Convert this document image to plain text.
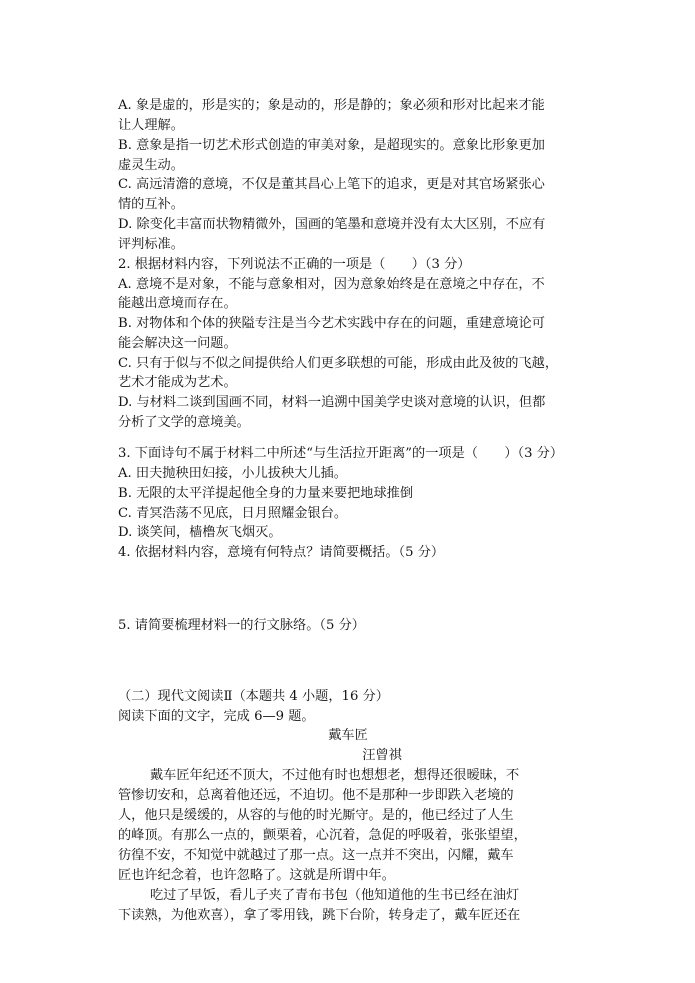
A. 象是虚的，形是实的；象是动的，形是静的；象必须和形对比起来才能
让人理解。
B. 意象是指一切艺术形式创造的审美对象，是超现实的。意象比形象更加
虚灵生动。
C. 高远清澹的意境，不仅是董其昌心上笔下的追求，更是对其官场紧张心
情的互补。
D. 除变化丰富而状物精微外，国画的笔墨和意境并没有太大区别，不应有
评判标准。
2. 根据材料内容，下列说法不正确的一项是（　　）（3 分）
A. 意境不是对象，不能与意象相对，因为意象始终是在意境之中存在，不
能越出意境而存在。
B. 对物体和个体的狭隘专注是当今艺术实践中存在的问题，重建意境论可
能会解决这一问题。
C. 只有于似与不似之间提供给人们更多联想的可能，形成由此及彼的飞越，
艺术才能成为艺术。
D. 与材料二谈到国画不同，材料一追溯中国美学史谈对意境的认识，但都
分析了文学的意境美。
3. 下面诗句不属于材料二中所述“与生活拉开距离”的一项是（　　）（3 分）
A. 田夫抛秧田妇接，小儿拔秧大儿插。
B. 无限的太平洋提起他全身的力量来要把地球推倒
C. 青冥浩荡不见底，日月照耀金银台。
D. 谈笑间，樯橹灰飞烟灭。
4. 依据材料内容，意境有何特点？请简要概括。（5 分）
5. 请简要梳理材料一的行文脉络。（5 分）
（二）现代文阅读Ⅱ（本题共 4 小题，16 分）
阅读下面的文字，完成 6—9 题。
戴车匠
汪曾祺
戴车匠年纪还不顶大，不过他有时也想想老，想得还很暧昧，不
管惨切安和，总离着他还远，不迫切。他不是那种一步即跌入老境的
人，他只是缓缓的，从容的与他的时光厮守。是的，他已经过了人生
的峰顶。有那么一点的，颤栗着，心沉着，急促的呼吸着，张张望望，
彷徨不安，不知觉中就越过了那一点。这一点并不突出，闪耀，戴车
匠也许纪念着，也许忽略了。这就是所谓中年。
吃过了早饭，看儿子夹了青布书包（他知道他的生书已经在油灯
下读熟，为他欢喜），拿了零用钱，跳下台阶，转身走了，戴车匠还在
